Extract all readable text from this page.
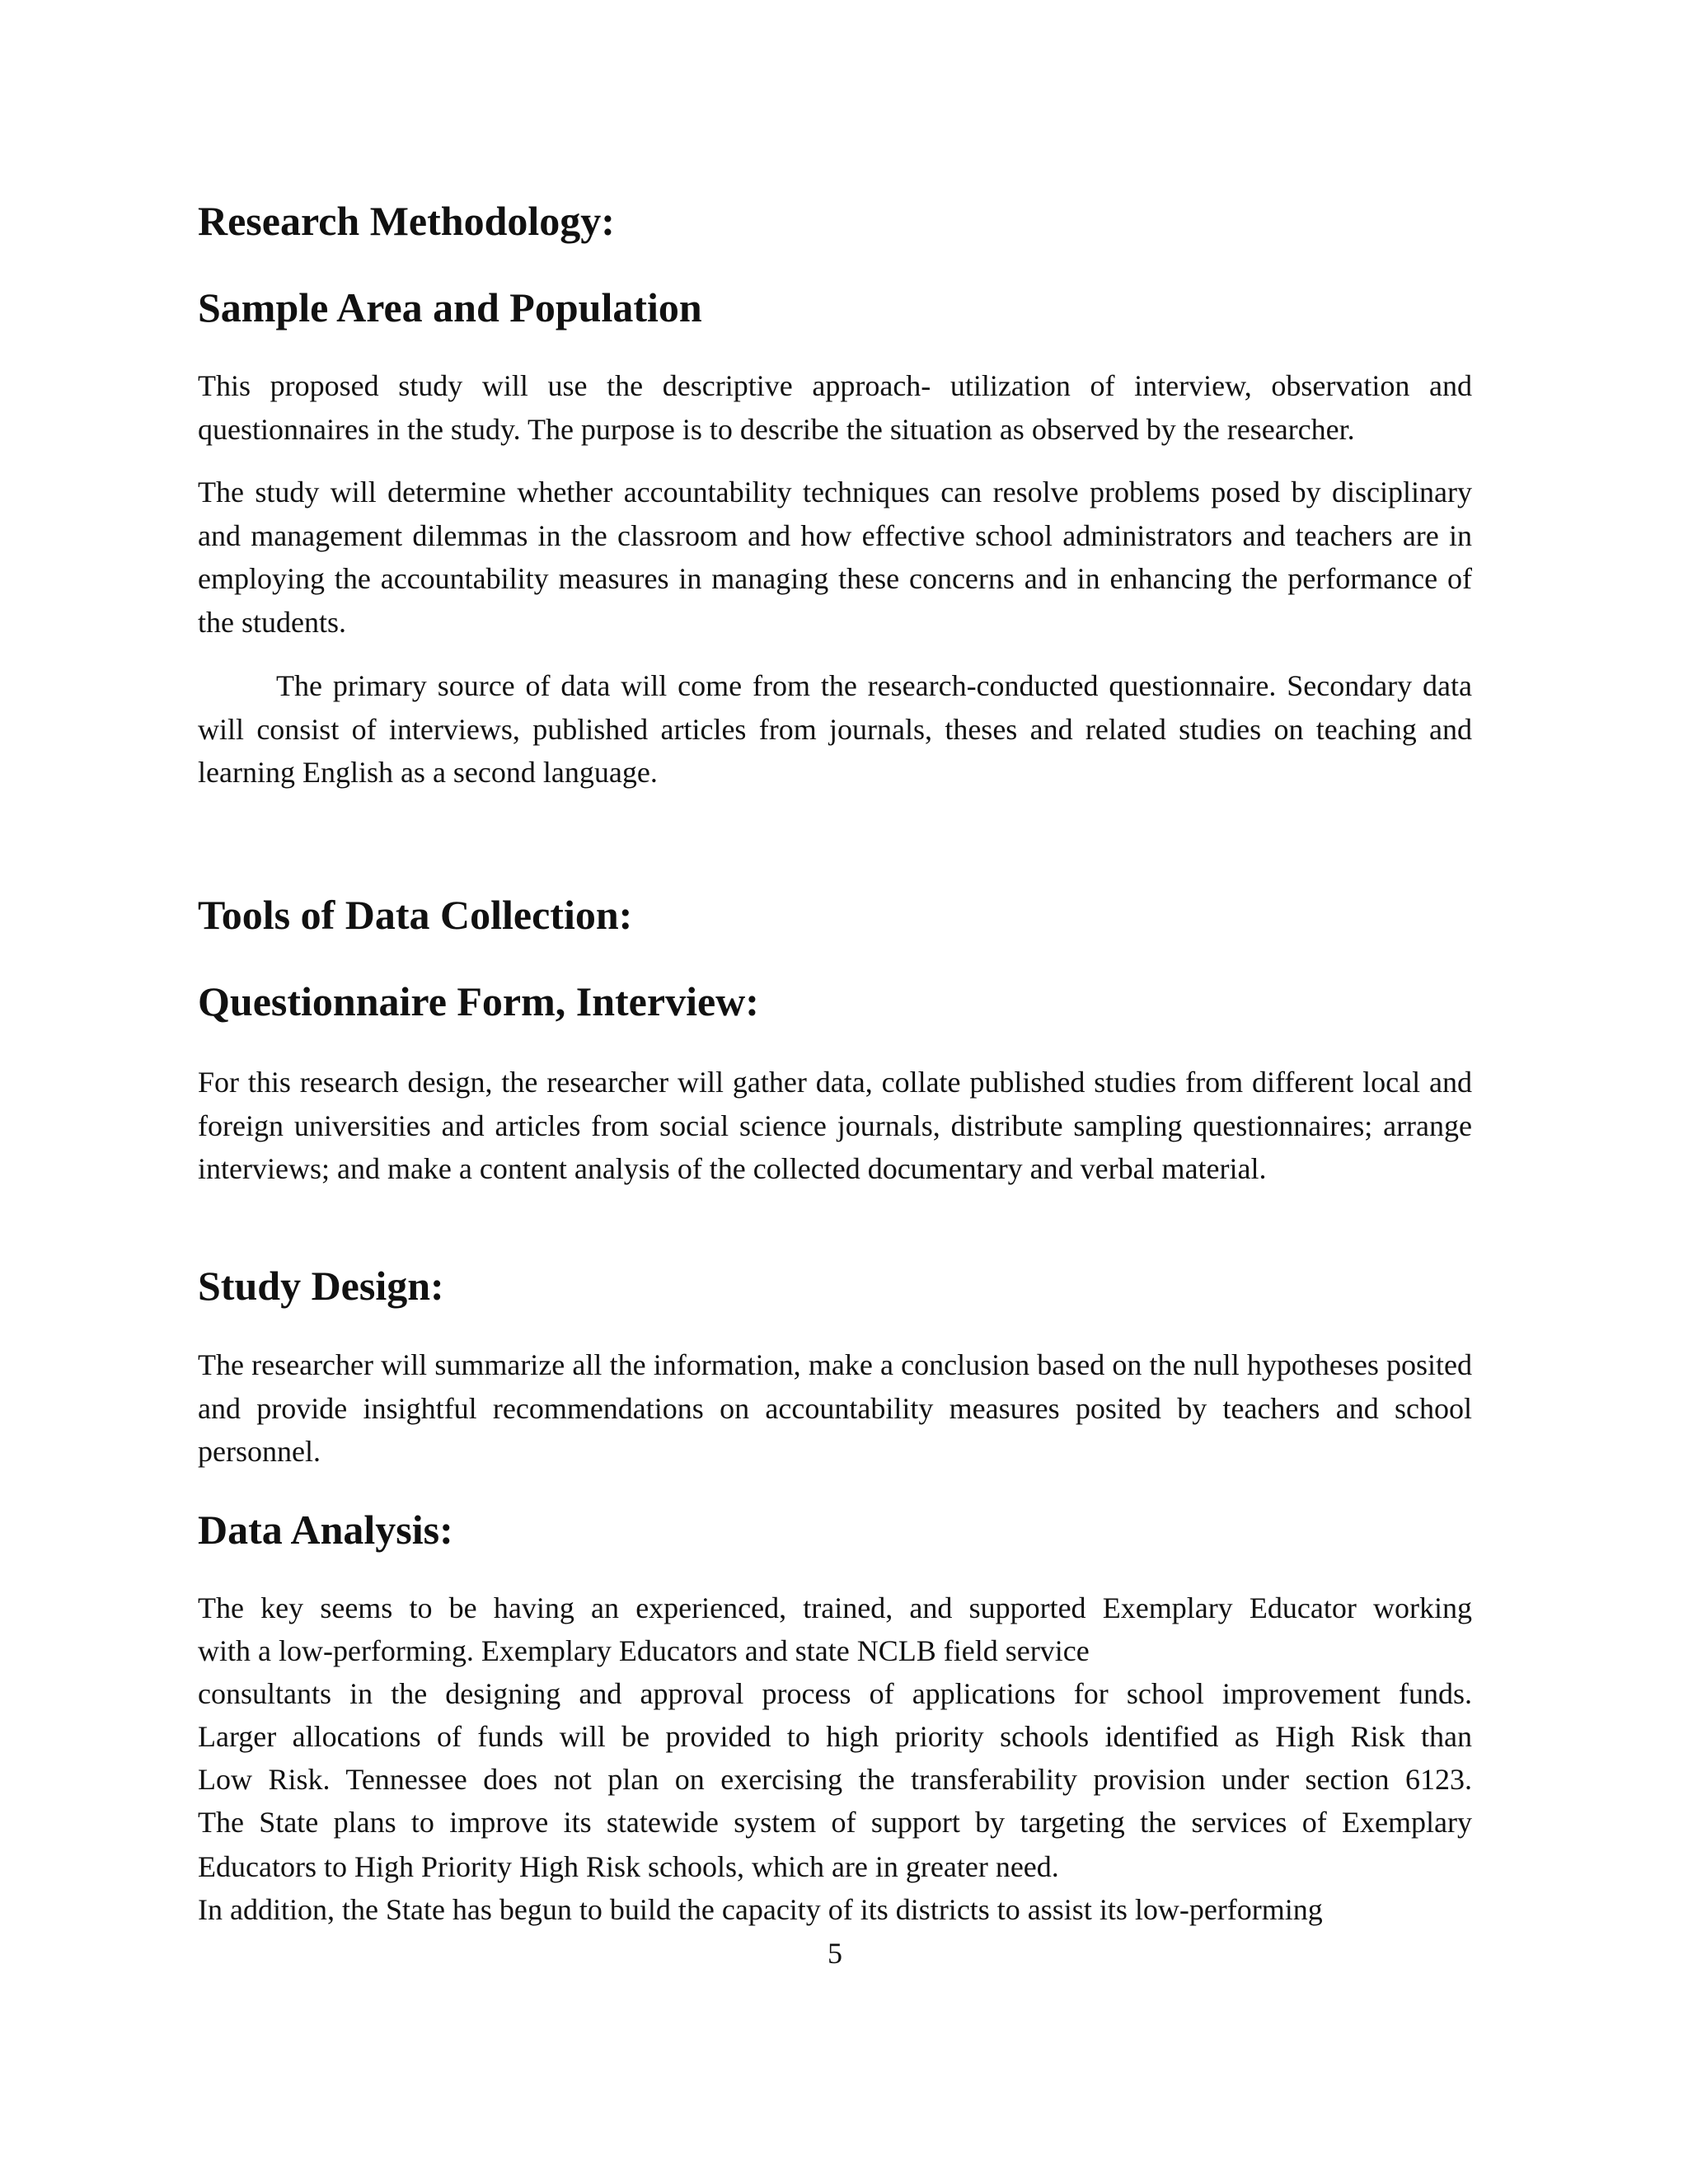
Research Methodology:
Sample Area and Population
This proposed study will use the descriptive approach- utilization of interview, observation and questionnaires in the study. The purpose is to describe the situation as observed by the researcher.
The study will determine whether accountability techniques can resolve problems posed by disciplinary and management dilemmas in the classroom and how effective school administrators and teachers are in employing the accountability measures in managing these concerns and in enhancing the performance of the students.
The primary source of data will come from the research-conducted questionnaire. Secondary data will consist of interviews, published articles from journals, theses and related studies on teaching and learning English as a second language.
Tools of Data Collection:
Questionnaire Form, Interview:
For this research design, the researcher will gather data, collate published studies from different local and foreign universities and articles from social science journals, distribute sampling questionnaires; arrange interviews; and make a content analysis of the collected documentary and verbal material.
Study Design:
The researcher will summarize all the information, make a conclusion based on the null hypotheses posited and provide insightful recommendations on accountability measures posited by teachers and school personnel.
Data Analysis:
The key seems to be having an experienced, trained, and supported Exemplary Educator working
with a low-performing. Exemplary Educators and state NCLB field service
consultants in the designing and approval process of applications for school improvement funds.
Larger allocations of funds will be provided to high priority schools identified as High Risk than
Low Risk. Tennessee does not plan on exercising the transferability provision under section 6123.
The State plans to improve its statewide system of support by targeting the services of Exemplary
Educators to High Priority High Risk schools, which are in greater need.
In addition, the State has begun to build the capacity of its districts to assist its low-performing
5
